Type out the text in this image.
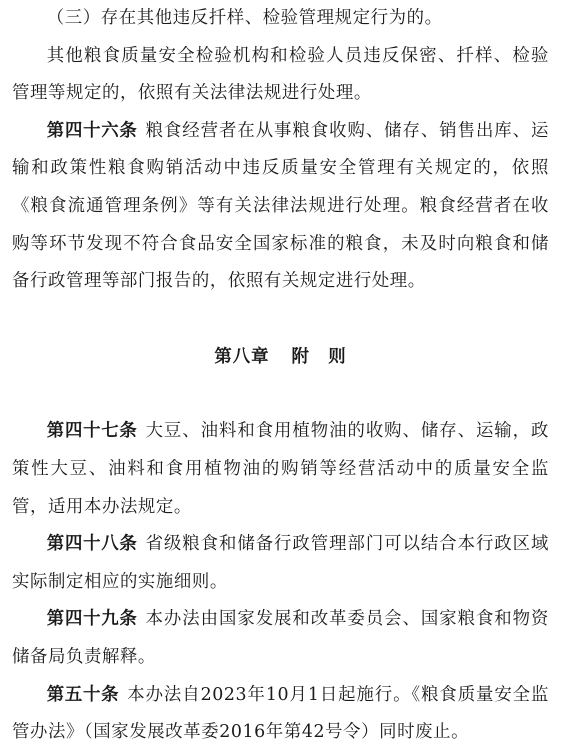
（三）存在其他违反扦样、检验管理规定行为的。

其他粮食质量安全检验机构和检验人员违反保密、扦样、检验管理等规定的，依照有关法律法规进行处理。

第四十六条 粮食经营者在从事粮食收购、储存、销售出库、运输和政策性粮食购销活动中违反质量安全管理有关规定的，依照《粮食流通管理条例》等有关法律法规进行处理。粮食经营者在收购等环节发现不符合食品安全国家标准的粮食，未及时向粮食和储备行政管理等部门报告的，依照有关规定进行处理。

第八章 附　则

第四十七条 大豆、油料和食用植物油的收购、储存、运输，政策性大豆、油料和食用植物油的购销等经营活动中的质量安全监管，适用本办法规定。

第四十八条 省级粮食和储备行政管理部门可以结合本行政区域实际制定相应的实施细则。

第四十九条 本办法由国家发展和改革委员会、国家粮食和物资储备局负责解释。

第五十条 本办法自2023年10月1日起施行。《粮食质量安全监管办法》（国家发展改革委2016年第42号令）同时废止。
